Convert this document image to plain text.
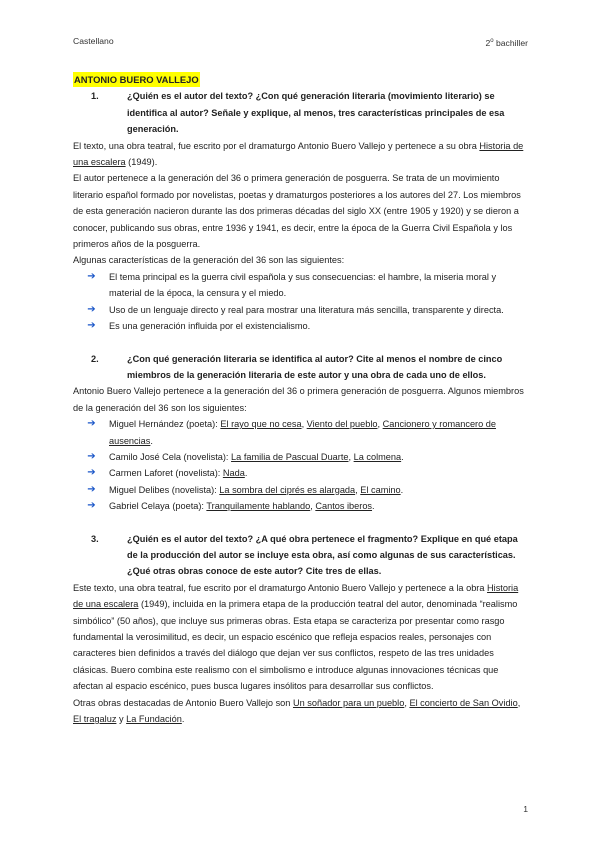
Castellano	2$^o$ bachiller
ANTONIO BUERO VALLEJO
1.	¿Quién es el autor del texto? ¿Con qué generación literaria (movimiento literario) se identifica al autor? Señale y explique, al menos, tres características principales de esa generación.

El texto, una obra teatral, fue escrito por el dramaturgo Antonio Buero Vallejo y pertenece a su obra Historia de una escalera (1949).

El autor pertenece a la generación del 36 o primera generación de posguerra. Se trata de un movimiento literario español formado por novelistas, poetas y dramaturgos posteriores a los autores del 27. Los miembros de esta generación nacieron durante las dos primeras décadas del siglo XX (entre 1905 y 1920) y se dieron a conocer, publicando sus obras, entre 1936 y 1941, es decir, entre la época de la Guerra Civil Española y los primeros años de la posguerra.

Algunas características de la generación del 36 son las siguientes:

➔	El tema principal es la guerra civil española y sus consecuencias: el hambre, la miseria moral y material de la época, la censura y el miedo.
➔	Uso de un lenguaje directo y real para mostrar una literatura más sencilla, transparente y directa.
➔	Es una generación influida por el existencialismo.
2.	¿Con qué generación literaria se identifica al autor? Cite al menos el nombre de cinco miembros de la generación literaria de este autor y una obra de cada uno de ellos.

Antonio Buero Vallejo pertenece a la generación del 36 o primera generación de posguerra. Algunos miembros de la generación del 36 son los siguientes:

➔	Miguel Hernández (poeta): El rayo que no cesa, Viento del pueblo, Cancionero y romancero de ausencias.
➔	Camilo José Cela (novelista): La familia de Pascual Duarte, La colmena.
➔	Carmen Laforet (novelista): Nada.
➔	Miguel Delibes (novelista): La sombra del ciprés es alargada, El camino.
➔	Gabriel Celaya (poeta): Tranquilamente hablando, Cantos iberos.
3.	¿Quién es el autor del texto? ¿A qué obra pertenece el fragmento? Explique en qué etapa de la producción del autor se incluye esta obra, así como algunas de sus características. ¿Qué otras obras conoce de este autor? Cite tres de ellas.

Este texto, una obra teatral, fue escrito por el dramaturgo Antonio Buero Vallejo y pertenece a la obra Historia de una escalera (1949), incluida en la primera etapa de la producción teatral del autor, denominada “realismo simbólico” (50 años), que incluye sus primeras obras. Esta etapa se caracteriza por presentar como rasgo fundamental la verosimilitud, es decir, un espacio escénico que refleja espacios reales, personajes con caracteres bien definidos a través del diálogo que dejan ver sus conflictos, respeto de las tres unidades clásicas. Buero combina este realismo con el simbolismo e introduce algunas innovaciones técnicas que afectan al espacio escénico, pues busca lugares insólitos para desarrollar sus conflictos.

Otras obras destacadas de Antonio Buero Vallejo son Un soñador para un pueblo, El concierto de San Ovidio, El tragaluz y La Fundación.

1
